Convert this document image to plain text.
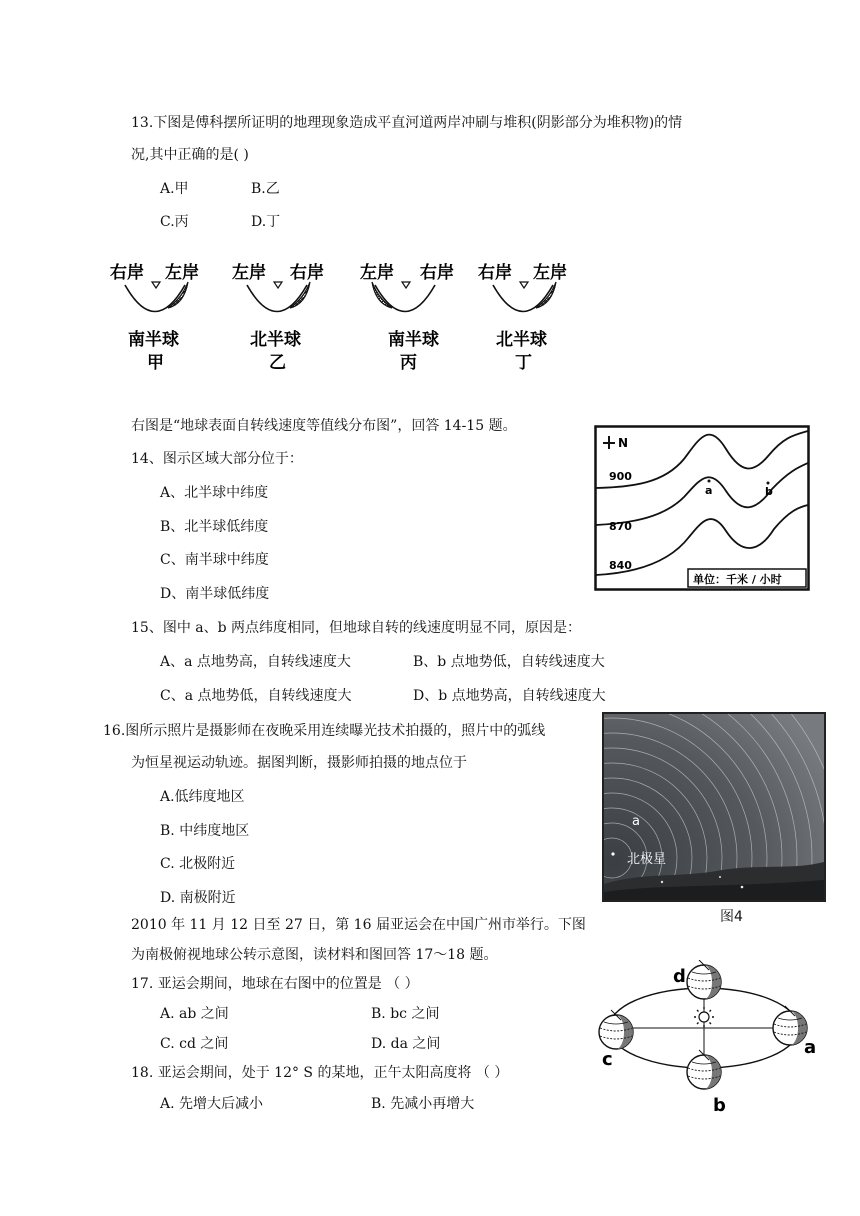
13.下图是傅科摆所证明的地理现象造成平直河道两岸冲刷与堆积(阴影部分为堆积物)的情
况,其中正确的是( )
A.甲	B.乙
C.丙	D.丁
右岸 左岸
南半球
甲
左岸 右岸
北半球
乙
左岸 右岸
南半球
丙
右岸 左岸
北半球
丁
右图是“地球表面自转线速度等值线分布图”，回答 14-15 题。
14、图示区域大部分位于：
A、北半球中纬度
B、北半球低纬度
C、南半球中纬度
D、南半球低纬度
N
900
870
840
a	b
单位：千米 / 小时
15、图中 a、b 两点纬度相同，但地球自转的线速度明显不同，原因是：
A、a 点地势高，自转线速度大	B、b 点地势低，自转线速度大
C、a 点地势低，自转线速度大	D、b 点地势高，自转线速度大
16.图所示照片是摄影师在夜晚采用连续曝光技术拍摄的，照片中的弧线
为恒星视运动轨迹。据图判断，摄影师拍摄的地点位于
A.低纬度地区
B. 中纬度地区
C. 北极附近
D. 南极附近
a
北极星
图4
2010 年 11 月 12 日至 27 日，第 16 届亚运会在中国广州市举行。下图
为南极俯视地球公转示意图，读材料和图回答 17～18 题。
17. 亚运会期间，地球在右图中的位置是 （ ）
A. ab 之间	B. bc 之间
C. cd 之间	D. da 之间
18. 亚运会期间，处于 12° S 的某地，正午太阳高度将 （ ）
A. 先增大后减小	B. 先减小再增大
d
a
b
c
